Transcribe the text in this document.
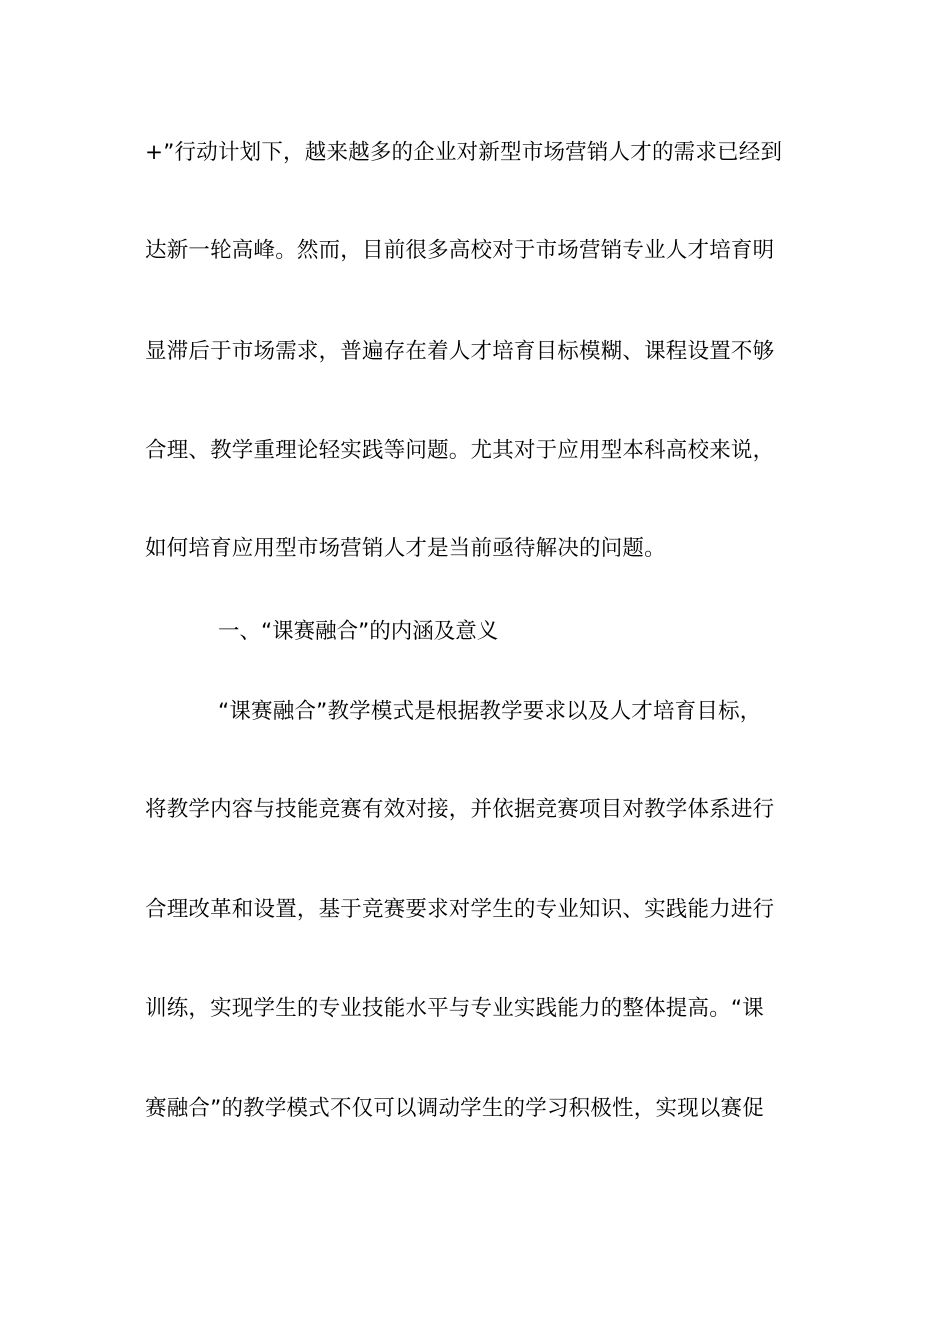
+”行动计划下，越来越多的企业对新型市场营销人才的需求已经到
达新一轮高峰。然而，目前很多高校对于市场营销专业人才培育明
显滞后于市场需求，普遍存在着人才培育目标模糊、课程设置不够
合理、教学重理论轻实践等问题。尤其对于应用型本科高校来说，
如何培育应用型市场营销人才是当前亟待解决的问题。
一、“课赛融合”的内涵及意义
“课赛融合”教学模式是根据教学要求以及人才培育目标，
将教学内容与技能竞赛有效对接，并依据竞赛项目对教学体系进行
合理改革和设置，基于竞赛要求对学生的专业知识、实践能力进行
训练，实现学生的专业技能水平与专业实践能力的整体提高。“课
赛融合”的教学模式不仅可以调动学生的学习积极性，实现以赛促
